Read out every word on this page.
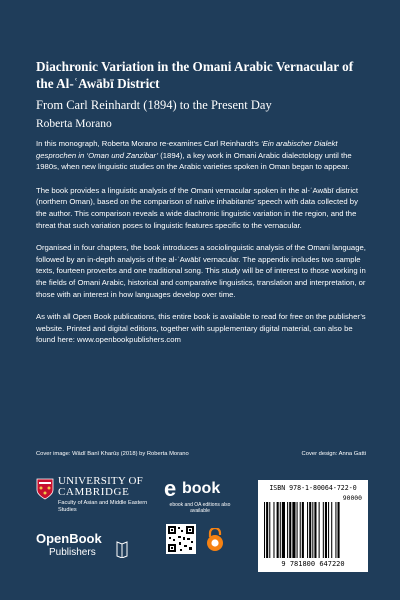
Diachronic Variation in the Omani Arabic Vernacular of the Al-ʿAwābī District

From Carl Reinhardt (1894) to the Present Day

Roberta Morano

In this monograph, Roberta Morano re-examines Carl Reinhardt’s ‘Ein arabischer Dialekt gesprochen in ‘Oman und Zanzibar’ (1894), a key work in Omani Arabic dialectology until the 1980s, when new linguistic studies on the Arabic varieties spoken in Oman began to appear.

The book provides a linguistic analysis of the Omani vernacular spoken in the al-ʿAwābī district (northern Oman), based on the comparison of native inhabitants’ speech with data collected by the author. This comparison reveals a wide diachronic linguistic variation in the region, and the threat that such variation poses to linguistic features specific to the vernacular.

Organised in four chapters, the book introduces a sociolinguistic analysis of the Omani language, followed by an in-depth analysis of the al-ʿAwābī vernacular. The appendix includes two sample texts, fourteen proverbs and one traditional song. This study will be of interest to those working in the fields of Omani Arabic, historical and comparative linguistics, translation and interpretation, or those with an interest in how languages develop over time.

As with all Open Book publications, this entire book is available to read for free on the publisher’s website. Printed and digital editions, together with supplementary digital material, can also be found here: www.openbookpublishers.com

Cover image: Wādī Banī Kharūṣ (2018) by Roberta Morano	Cover design: Anna Gatti
UNIVERSITY OF
CAMBRIDGE
Faculty of Asian and Middle Eastern Studies
OpenBook
Publishers
e book
ebook and OA editions also available
ISBN 978-1-80064-722-0
90000
9 781800 647220
